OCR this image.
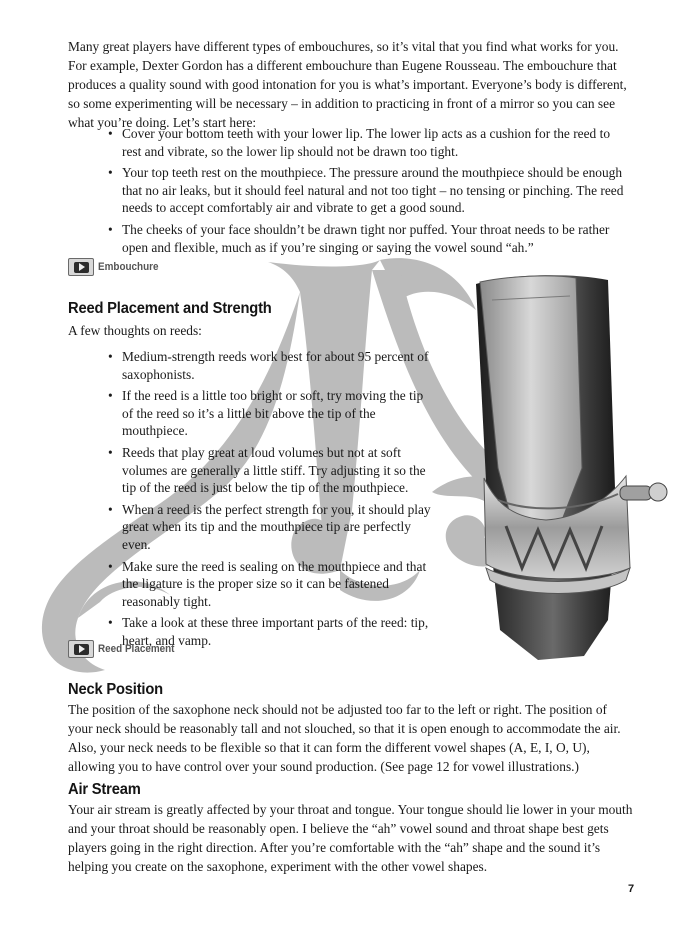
Many great players have different types of embouchures, so it’s vital that you find what works for you. For example, Dexter Gordon has a different embouchure than Eugene Rousseau. The embouchure that produces a quality sound with good intonation for you is what’s important. Everyone’s body is different, so some experimenting will be necessary – in addition to practicing in front of a mirror so you can see what you’re doing. Let’s start here:

• Cover your bottom teeth with your lower lip. The lower lip acts as a cushion for the reed to rest and vibrate, so the lower lip should not be drawn too tight.
• Your top teeth rest on the mouthpiece. The pressure around the mouthpiece should be enough that no air leaks, but it should feel natural and not too tight – no tensing or pinching. The reed needs to accept comfortably air and vibrate to get a good sound.
• The cheeks of your face shouldn’t be drawn tight nor puffed. Your throat needs to be rather open and flexible, much as if you’re singing or saying the vowel sound “ah.”
Embouchure
Reed Placement and Strength

A few thoughts on reeds:

• Medium-strength reeds work best for about 95 percent of saxophonists.
• If the reed is a little too bright or soft, try moving the tip of the reed so it’s a little bit above the tip of the mouthpiece.
• Reeds that play great at loud volumes but not at soft volumes are generally a little stiff. Try adjusting it so the tip of the reed is just below the tip of the mouthpiece.
• When a reed is the perfect strength for you, it should play great when its tip and the mouthpiece tip are perfectly even.
• Make sure the reed is sealing on the mouthpiece and that the ligature is the proper size so it can be fastened reasonably tight.
• Take a look at these three important parts of the reed: tip, heart, and vamp.
Reed Placement
Neck Position

The position of the saxophone neck should not be adjusted too far to the left or right. The position of your neck should be reasonably tall and not slouched, so that it is open enough to accommodate the air. Also, your neck needs to be flexible so that it can form the different vowel shapes (A, E, I, O, U), allowing you to have control over your sound production. (See page 12 for vowel illustrations.)

Air Stream

Your air stream is greatly affected by your throat and tongue. Your tongue should lie lower in your mouth and your throat should be reasonably open. I believe the “ah” vowel sound and throat shape best gets players going in the right direction. After you’re comfortable with the “ah” shape and the sound it’s helping you create on the saxophone, experiment with the other vowel shapes.

7
